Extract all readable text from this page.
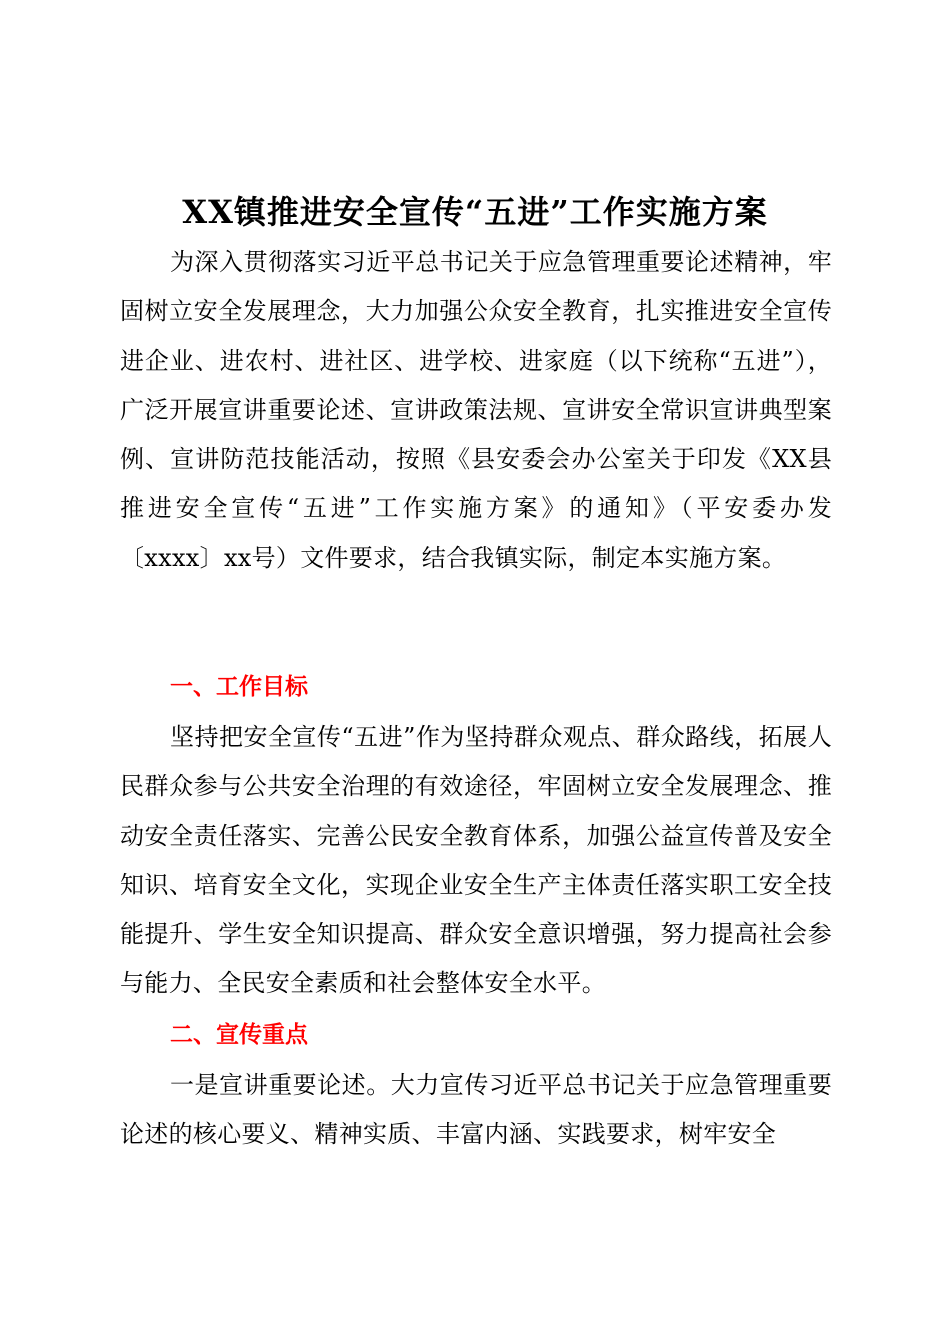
XX镇推进安全宣传“五进”工作实施方案

为深入贯彻落实习近平总书记关于应急管理重要论述精神，牢固树立安全发展理念，大力加强公众安全教育，扎实推进安全宣传进企业、进农村、进社区、进学校、进家庭（以下统称“五进”），广泛开展宣讲重要论述、宣讲政策法规、宣讲安全常识宣讲典型案例、宣讲防范技能活动，按照《县安委会办公室关于印发《XX县推进安全宣传“五进”工作实施方案》的通知》（平安委办发〔xxxx〕xx号）文件要求，结合我镇实际，制定本实施方案。

一、工作目标

坚持把安全宣传“五进”作为坚持群众观点、群众路线，拓展人民群众参与公共安全治理的有效途径，牢固树立安全发展理念、推动安全责任落实、完善公民安全教育体系，加强公益宣传普及安全知识、培育安全文化，实现企业安全生产主体责任落实职工安全技能提升、学生安全知识提高、群众安全意识增强，努力提高社会参与能力、全民安全素质和社会整体安全水平。

二、宣传重点

一是宣讲重要论述。大力宣传习近平总书记关于应急管理重要论述的核心要义、精神实质、丰富内涵、实践要求，树牢安全
